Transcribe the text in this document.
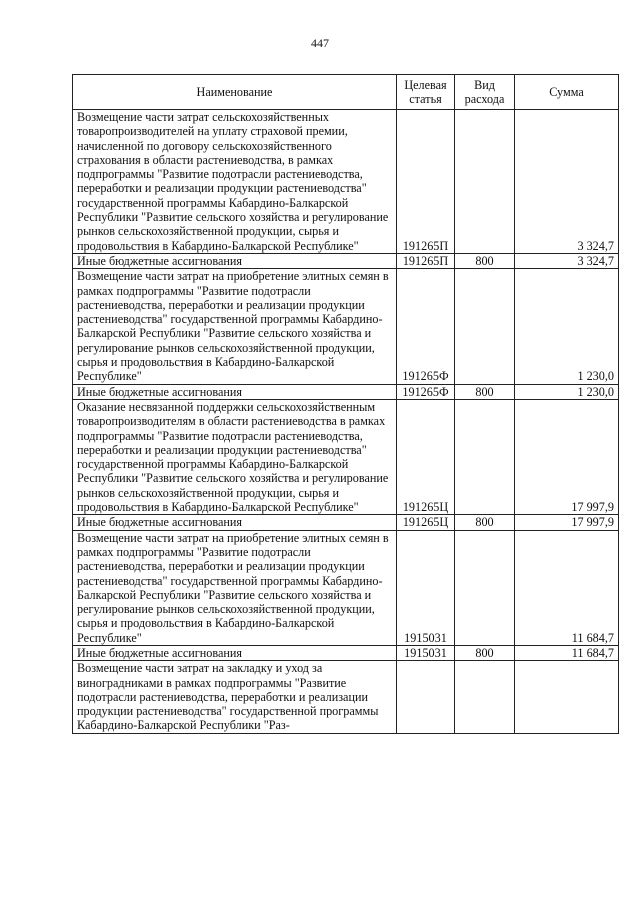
447
Наименование	Целевая статья	Вид расхода	Сумма
Возмещение части затрат сельскохозяйственных товаропроизводителей на уплату страховой премии, начисленной по договору сельскохозяйственного страхования в области растениеводства, в рамках подпрограммы "Развитие подотрасли растениеводства, переработки и реализации продукции растениеводства" государственной программы Кабардино-Балкарской Республики "Развитие сельского хозяйства и регулирование рынков сельскохозяйственной продукции, сырья и продовольствия в Кабардино-Балкарской Республике"	191265П		3 324,7
Иные бюджетные ассигнования	191265П	800	3 324,7
Возмещение части затрат на приобретение элитных семян в рамках подпрограммы "Развитие подотрасли растениеводства, переработки и реализации продукции растениеводства" государственной программы Кабардино-Балкарской Республики "Развитие сельского хозяйства и регулирование рынков сельскохозяйственной продукции, сырья и продовольствия в Кабардино-Балкарской Республике"	191265Ф		1 230,0
Иные бюджетные ассигнования	191265Ф	800	1 230,0
Оказание несвязанной поддержки сельскохозяйственным товаропроизводителям в области растениеводства в рамках подпрограммы "Развитие подотрасли растениеводства, переработки и реализации продукции растениеводства" государственной программы Кабардино-Балкарской Республики "Развитие сельского хозяйства и регулирование рынков сельскохозяйственной продукции, сырья и продовольствия в Кабардино-Балкарской Республике"	191265Ц		17 997,9
Иные бюджетные ассигнования	191265Ц	800	17 997,9
Возмещение части затрат на приобретение элитных семян в рамках подпрограммы "Развитие подотрасли растениеводства, переработки и реализации продукции растениеводства" государственной программы Кабардино-Балкарской Республики "Развитие сельского хозяйства и регулирование рынков сельскохозяйственной продукции, сырья и продовольствия в Кабардино-Балкарской Республике"	1915031		11 684,7
Иные бюджетные ассигнования	1915031	800	11 684,7
Возмещение части затрат на закладку и уход за виноградниками в рамках подпрограммы "Развитие подотрасли растениеводства, переработки и реализации продукции растениеводства" государственной программы Кабардино-Балкарской Республики "Раз-			
